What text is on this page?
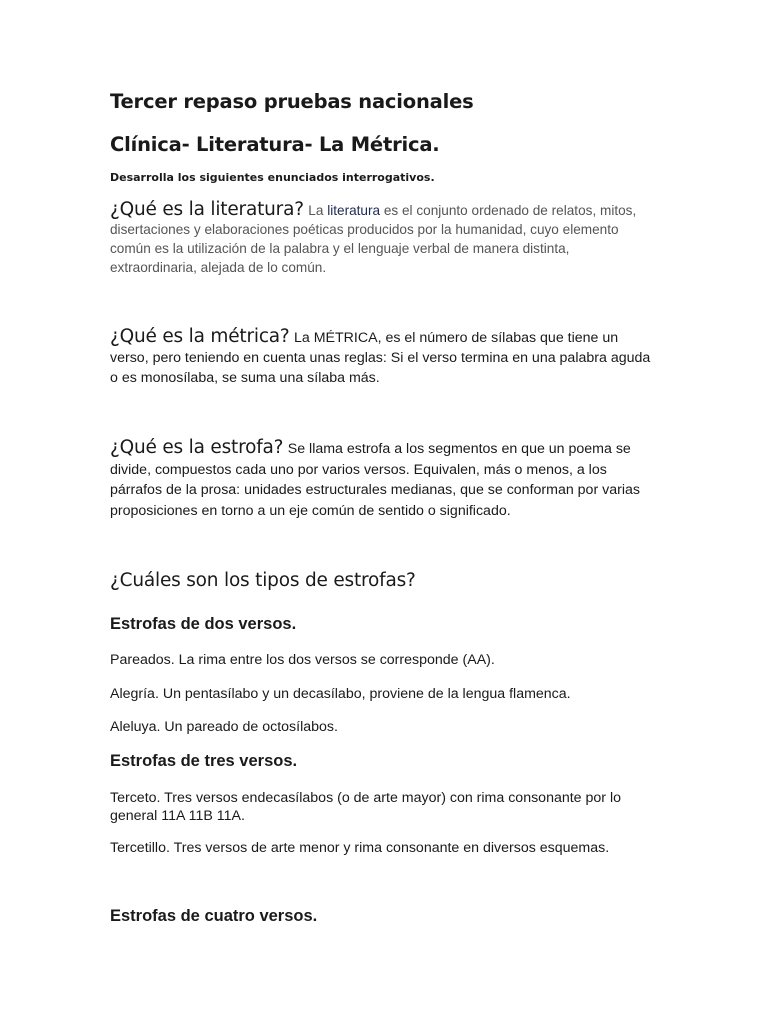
Tercer repaso pruebas nacionales
Clínica- Literatura- La Métrica.
Desarrolla los siguientes enunciados interrogativos.

¿Qué es la literatura? La literatura es el conjunto ordenado de relatos, mitos, disertaciones y elaboraciones poéticas producidos por la humanidad, cuyo elemento común es la utilización de la palabra y el lenguaje verbal de manera distinta, extraordinaria, alejada de lo común.

¿Qué es la métrica? La MÉTRICA, es el número de sílabas que tiene un verso, pero teniendo en cuenta unas reglas: Si el verso termina en una palabra aguda o es monosílaba, se suma una sílaba más.

¿Qué es la estrofa? Se llama estrofa a los segmentos en que un poema se divide, compuestos cada uno por varios versos. Equivalen, más o menos, a los párrafos de la prosa: unidades estructurales medianas, que se conforman por varias proposiciones en torno a un eje común de sentido o significado.

¿Cuáles son los tipos de estrofas?
Estrofas de dos versos.

Pareados. La rima entre los dos versos se corresponde (AA).

Alegría. Un pentasílabo y un decasílabo, proviene de la lengua flamenca.

Aleluya. Un pareado de octosílabos.

Estrofas de tres versos.

Terceto. Tres versos endecasílabos (o de arte mayor) con rima consonante por lo general 11A 11B 11A.

Tercetillo. Tres versos de arte menor y rima consonante en diversos esquemas.

Estrofas de cuatro versos.
